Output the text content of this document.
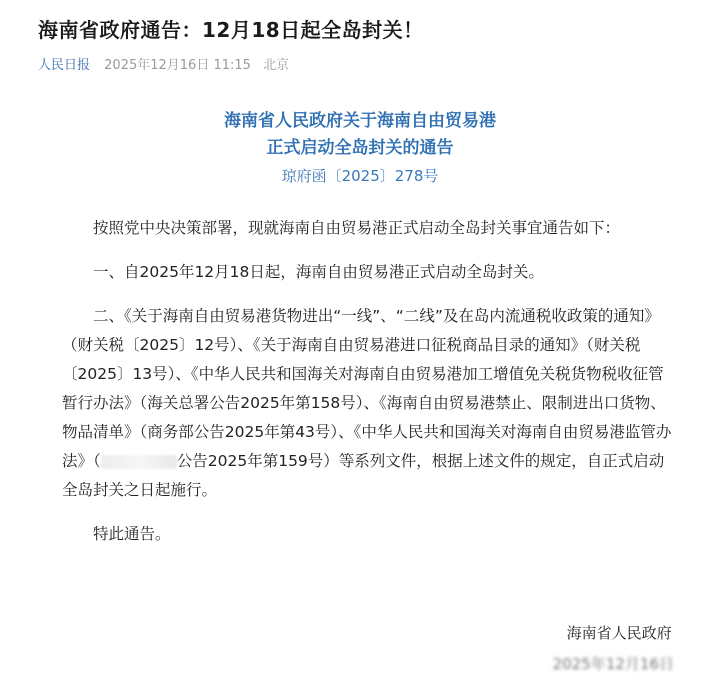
海南省政府通告：12月18日起全岛封关！
人民日报 2025年12月16日 11:15 北京
海南省人民政府关于海南自由贸易港
正式启动全岛封关的通告
琼府函〔2025〕278号

按照党中央决策部署，现就海南自由贸易港正式启动全岛封关事宜通告如下：

一、自2025年12月18日起，海南自由贸易港正式启动全岛封关。

二、《关于海南自由贸易港货物进出“一线”、“二线”及在岛内流通税收政策的通知》（财关税〔2025〕12号）、《关于海南自由贸易港进口征税商品目录的通知》（财关税〔2025〕13号）、《中华人民共和国海关对海南自由贸易港加工增值免关税货物税收征管暂行办法》（海关总署公告2025年第158号）、《海南自由贸易港禁止、限制进出口货物、物品清单》（商务部公告2025年第43号）、《中华人民共和国海关对海南自由贸易港监管办法》（	公告2025年第159号）等系列文件，根据上述文件的规定，自正式启动全岛封关之日起施行。

特此通告。

海南省人民政府
2025年12月16日
